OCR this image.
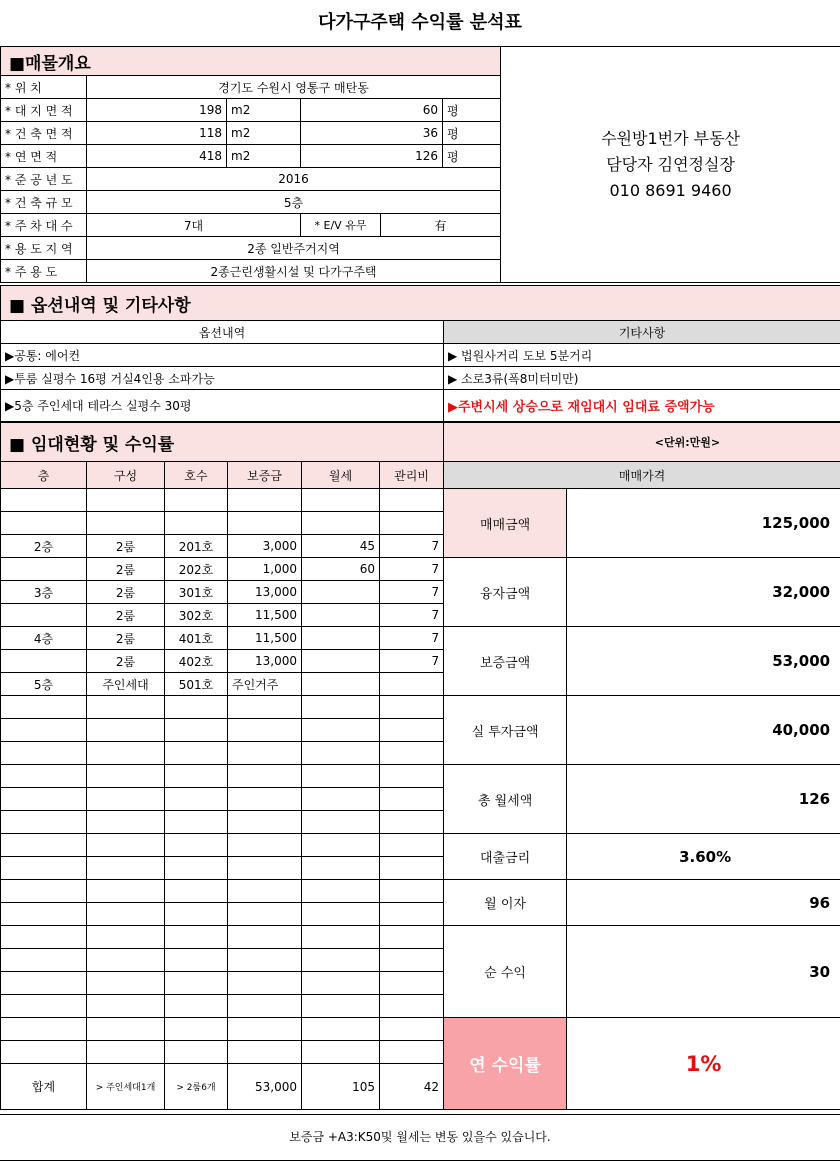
다가구주택 수익률 분석표
■매물개요						수원방1번가 부동산
담당자 김연정실장
010 8691 9460

* 위 치	경기도 수원시 영통구 매탄동					
* 대 지 면 적	198	m2	60		평	
* 건 축 면 적	118	m2	36		평	
* 연 면 적	418	m2	126		평	
* 준 공 년 도	2016					
* 건 축 규 모	5층					
* 주 차 대 수	7대		* E/V 유무	有		
* 용 도 지 역	2종 일반주거지역					
* 주 용 도	2종근린생활시설 및 다가구주택					
■ 옵션내역 및 기타사항	
옵션내역	기타사항
▶공통: 에어컨	▶ 법원사거리 도보 5분거리
▶투룸 실평수 16평 거실4인용 소파가능	▶ 소로3류(폭8미터미만)
▶5층 주인세대 테라스 실평수 30평	▶주변시세 상승으로 재임대시 임대료 증액가능
■ 임대현황 및 수익률						<단위:만원>	
층	구성	호수	보증금	월세	관리비	매매가격	
						매매금액	125,000

2층	2룸	201호	3,000	45	7		
	2룸	202호	1,000	60	7	융자금액	32,000
3층	2룸	301호	13,000		7		
	2룸	302호	11,500		7		
4층	2룸	401호	11,500		7	보증금액	53,000
	2룸	402호	13,000		7		
5층	주인세대	501호	주인거주				
						실 투자금액	40,000

						총 월세액	126

						대출금리	3.60%

						월 이자	96

						순 수익	30

						연 수익률	1%

합계	> 주인세대1개	> 2룸6개	53,000	105	42		
보증금 +A3:K50및 월세는 변동 있을수 있습니다.
